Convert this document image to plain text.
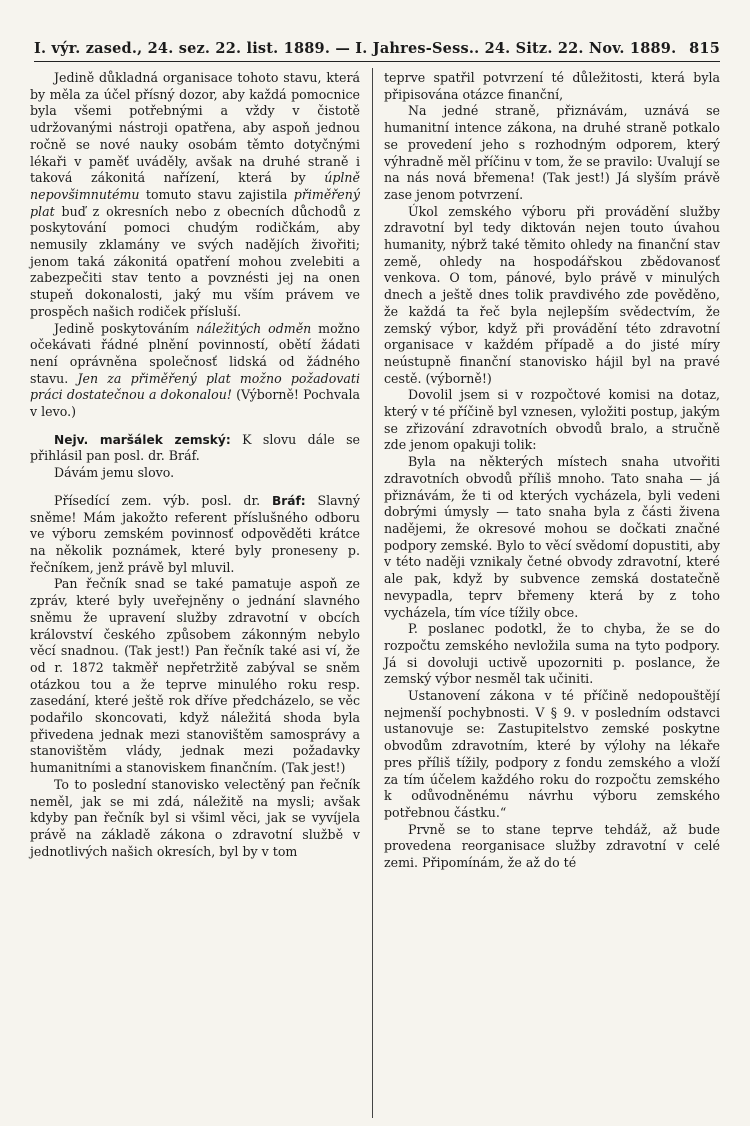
I. výr. zased., 24. sez. 22. list. 1889. — I. Jahres-Sess.. 24. Sitz. 22. Nov. 1889. 815

Jedině důkladná organisace tohoto stavu, která by měla za účel přísný dozor, aby každá pomocnice byla všemi potřebnými a vždy v čistotě udržovanými nástroji opatřena, aby aspoň jednou ročně se nové nauky osobám těmto dotyčnými lékaři v paměť uváděly, avšak na druhé straně i taková zákonitá nařízení, která by úplně nepovšimnutému tomuto stavu zajistila přiměřený plat buď z okresních nebo z obecních důchodů z poskytování pomoci chudým rodičkám, aby nemusily zklamány ve svých nadějích živořiti; jenom taká zákonitá opatření mohou zvelebiti a zabezpečiti stav tento a povznésti jej na onen stupeň dokonalosti, jaký mu vším právem ve prospěch našich rodiček přísluší.

Jedině poskytováním náležitých odměn možno očekávati řádné plnění povinností, obětí žádati není oprávněna společnosť lidská od žádného stavu. Jen za přiměřený plat možno požadovati práci dostatečnou a dokonalou! (Výborně! Pochvala v levo.)

Nejv. maršálek zemský: K slovu dále se přihlásil pan posl. dr. Bráf.

Dávám jemu slovo.

Přísedící zem. výb. posl. dr. Bráf: Slavný sněme! Mám jakožto referent příslušného odboru ve výboru zemském povinnosť odpověděti krátce na několik poznámek, které byly proneseny p. řečníkem, jenž právě byl mluvil.

Pan řečník snad se také pamatuje aspoň ze zpráv, které byly uveřejněny o jednání slavného sněmu že upravení služby zdravotní v obcích království českého způsobem zákonným nebylo věcí snadnou. (Tak jest!) Pan řečník také asi ví, že od r. 1872 takměř nepřetržitě zabýval se sněm otázkou tou a že teprve minulého roku resp. zasedání, které ještě rok dříve předcházelo, se věc podařilo skoncovati, když náležitá shoda byla přivedena jednak mezi stanovištěm samosprávy a stanovištěm vlády, jednak mezi požadavky humanitními a stanoviskem finančním. (Tak jest!)

To to poslední stanovisko velectěný pan řečník neměl, jak se mi zdá, náležitě na mysli; avšak kdyby pan řečník byl si všiml věci, jak se vyvíjela právě na základě zákona o zdravotní službě v jednotlivých našich okresích, byl by v tom

teprve spatřil potvrzení té důležitosti, která byla připisována otázce finanční,

Na jedné straně, přiznávám, uznává se humanitní intence zákona, na druhé straně potkalo se provedení jeho s rozhodným odporem, který výhradně měl příčinu v tom, že se pravilo: Uvalují se na nás nová břemena! (Tak jest!) Já slyším právě zase jenom potvrzení.

Úkol zemského výboru při provádění služby zdravotní byl tedy diktován nejen touto úvahou humanity, nýbrž také těmito ohledy na finanční stav země, ohledy na hospodářskou zbědovanosť venkova. O tom, pánové, bylo právě v minulých dnech a ještě dnes tolik pravdivého zde pověděno, že každá ta řeč byla nejlepším svědectvím, že zemský výbor, když při provádění této zdravotní organisace v každém případě a do jisté míry neústupně finanční stanovisko hájil byl na pravé cestě. (výborně!)

Dovolil jsem si v rozpočtové komisi na dotaz, který v té příčině byl vznesen, vyložiti postup, jakým se zřizování zdravotních obvodů bralo, a stručně zde jenom opakuji tolik:

Byla na některých místech snaha utvořiti zdravotních obvodů příliš mnoho. Tato snaha — já přiznávám, že ti od kterých vycházela, byli vedeni dobrými úmysly — tato snaha byla z části živena nadějemi, že okresové mohou se dočkati značné podpory zemské. Bylo to věcí svědomí dopustiti, aby v této naději vznikaly četné obvody zdravotní, které ale pak, když by subvence zemská dostatečně nevypadla, teprv břemeny která by z toho vycházela, tím více tížily obce.

P. poslanec podotkl, že to chyba, že se do rozpočtu zemského nevložila suma na tyto podpory. Já si dovoluji uctivě upozorniti p. poslance, že zemský výbor nesměl tak učiniti.

Ustanovení zákona v té příčině nedopouštějí nejmenší pochybnosti. V § 9. v posledním odstavci ustanovuje se: Zastupitelstvo zemské poskytne obvodům zdravotním, které by výlohy na lékaře pres příliš tížily, podpory z fondu zemského a vloží za tím účelem každého roku do rozpočtu zemského k odůvodněnému návrhu výboru zemského potřebnou částku.“

Prvně se to stane teprve tehdáž, až bude provedena reorganisace služby zdravotní v celé zemi. Připomínám, že až do té
